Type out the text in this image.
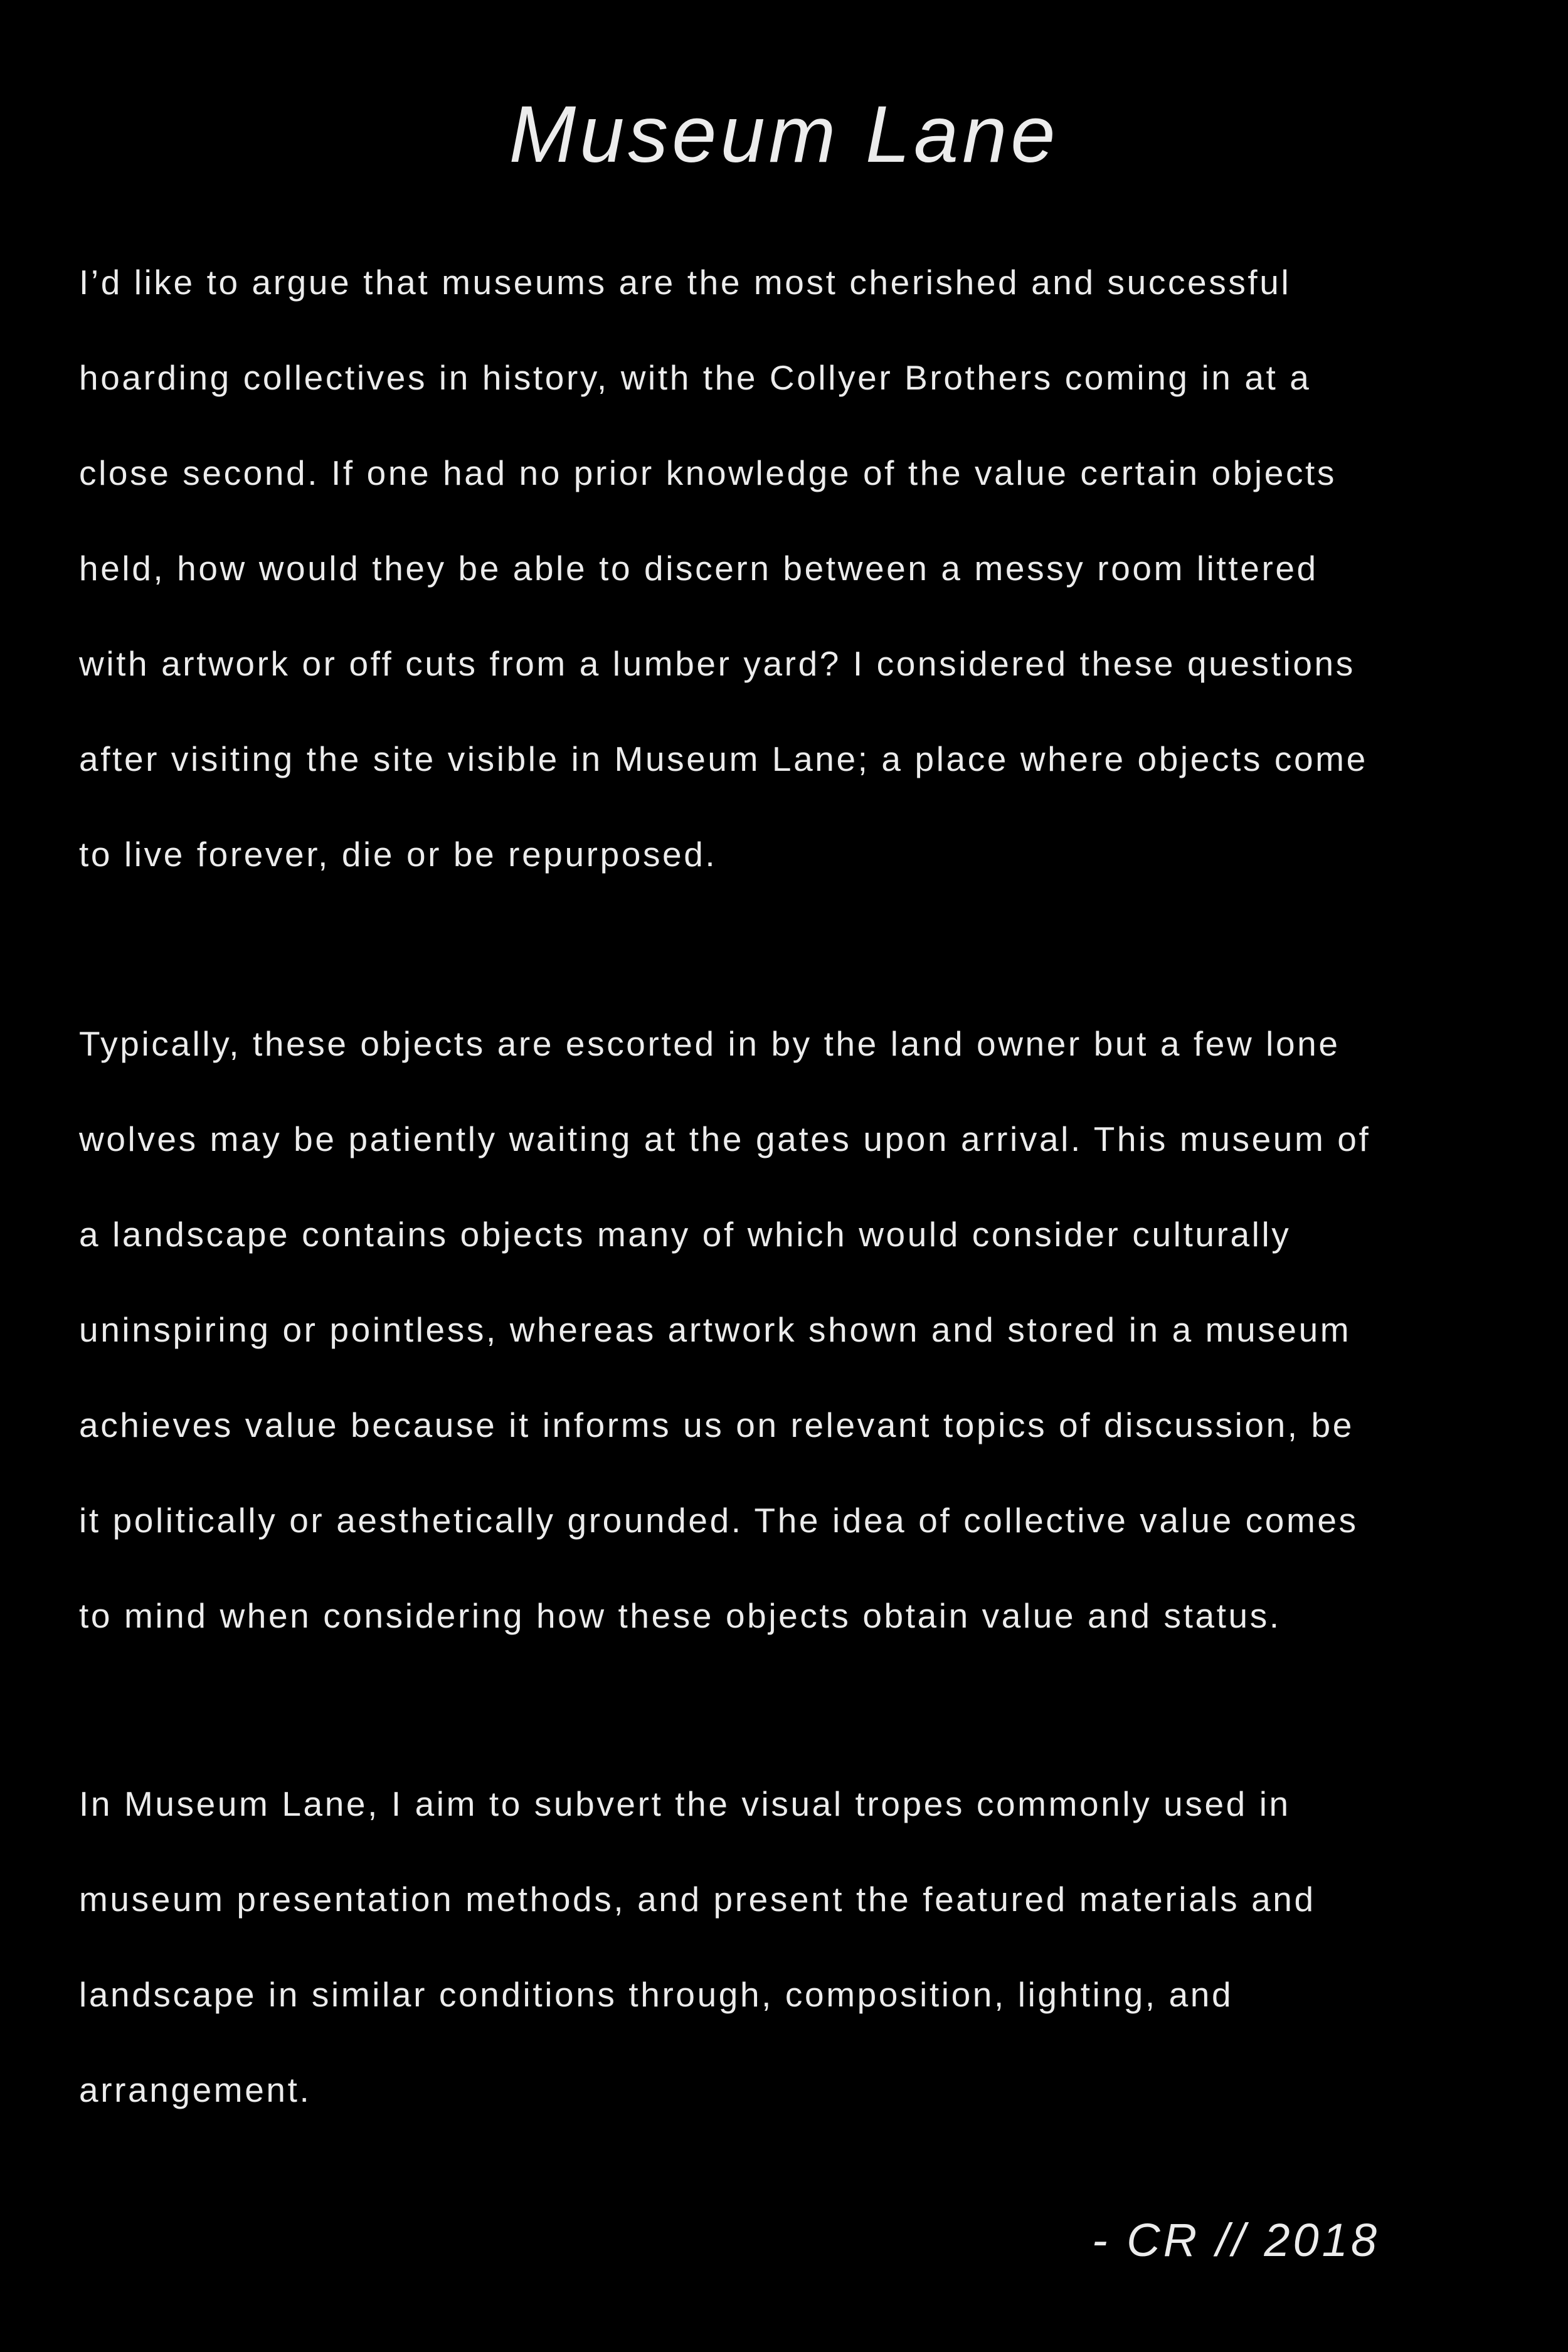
Museum Lane
I’d like to argue that museums are the most cherished and successful
hoarding collectives in history, with the Collyer Brothers coming in at a
close second. If one had no prior knowledge of the value certain objects
held, how would they be able to discern between a messy room littered
with artwork or off cuts from a lumber yard? I considered these questions
after visiting the site visible in Museum Lane; a place where objects come
to live forever, die or be repurposed.
Typically, these objects are escorted in by the land owner but a few lone
wolves may be patiently waiting at the gates upon arrival. This museum of
a landscape contains objects many of which would consider culturally
uninspiring or pointless, whereas artwork shown and stored in a museum
achieves value because it informs us on relevant topics of discussion, be
it politically or aesthetically grounded. The idea of collective value comes
to mind when considering how these objects obtain value and status.
In Museum Lane, I aim to subvert the visual tropes commonly used in
museum presentation methods, and present the featured materials and
landscape in similar conditions through, composition, lighting, and
arrangement.
- CR // 2018
